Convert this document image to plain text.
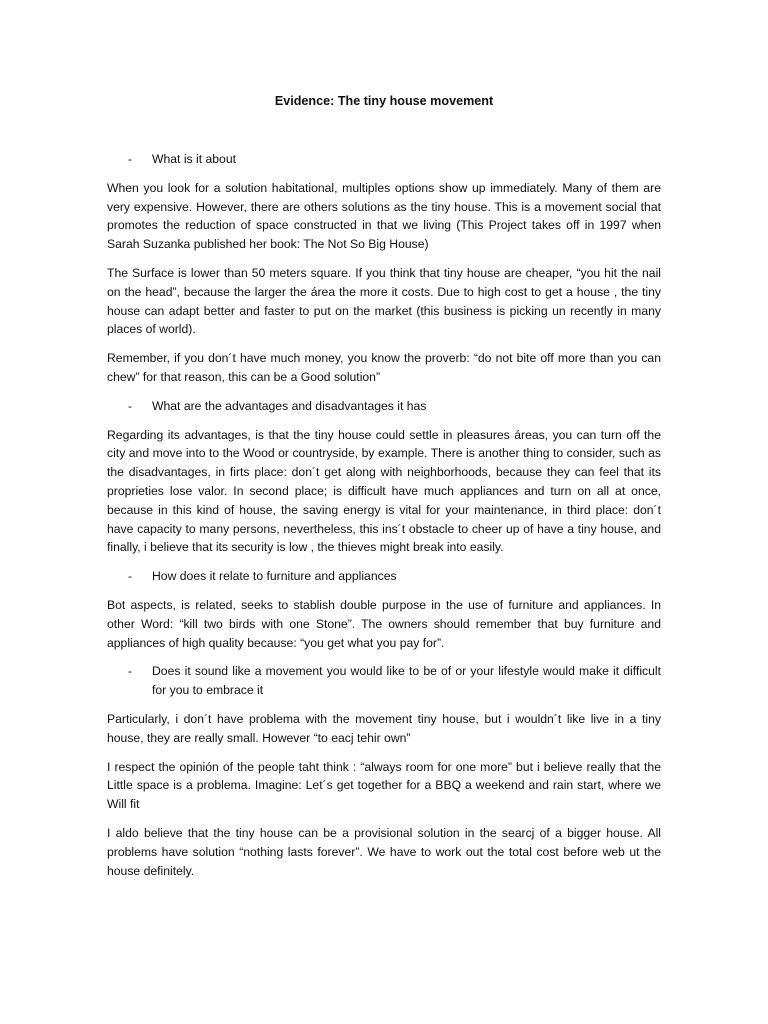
Evidence: The tiny house movement
- What is it about

When you look for a solution habitational, multiples options show up immediately. Many of them are very expensive. However, there are others solutions as the tiny house. This is a movement social that promotes the reduction of space constructed in that we living (This Project takes off in 1997 when Sarah Suzanka published her book: The Not So Big House)

The Surface is lower than 50 meters square. If you think that tiny house are cheaper, “you hit the nail on the head”, because the larger the área the more it costs. Due to high cost to get a house , the tiny house can adapt better and faster to put on the market (this business is picking un recently in many places of world).

Remember, if you don´t have much money, you know the proverb: “do not bite off more than you can chew” for that reason, this can be a Good solution”

- What are the advantages and disadvantages it has

Regarding its advantages, is that the tiny house could settle in pleasures áreas, you can turn off the city and move into to the Wood or countryside, by example. There is another thing to consider, such as the disadvantages, in firts place: don´t get along with neighborhoods, because they can feel that its proprieties lose valor. In second place; is difficult have much appliances and turn on all at once, because in this kind of house, the saving energy is vital for your maintenance, in third place: don´t have capacity to many persons, nevertheless, this ins´t obstacle to cheer up of have a tiny house, and finally, i believe that its security is low , the thieves might break into easily.

- How does it relate to furniture and appliances

Bot aspects, is related, seeks to stablish double purpose in the use of furniture and appliances. In other Word: “kill two birds with one Stone”. The owners should remember that buy furniture and appliances of high quality because: “you get what you pay for”.

- Does it sound like a movement you would like to be of or your lifestyle would make it difficult for you to embrace it

Particularly, i don´t have problema with the movement tiny house, but i wouldn´t like live in a tiny house, they are really small. However “to eacj tehir own”

I respect the opinión of the people taht think : “always room for one more” but i believe really that the Little space is a problema. Imagine: Let´s get together for a BBQ a weekend and rain start, where we Will fit

I aldo believe that the tiny house can be a provisional solution in the searcj of a bigger house. All problems have solution “nothing lasts forever”. We have to work out the total cost before web ut the house definitely.
